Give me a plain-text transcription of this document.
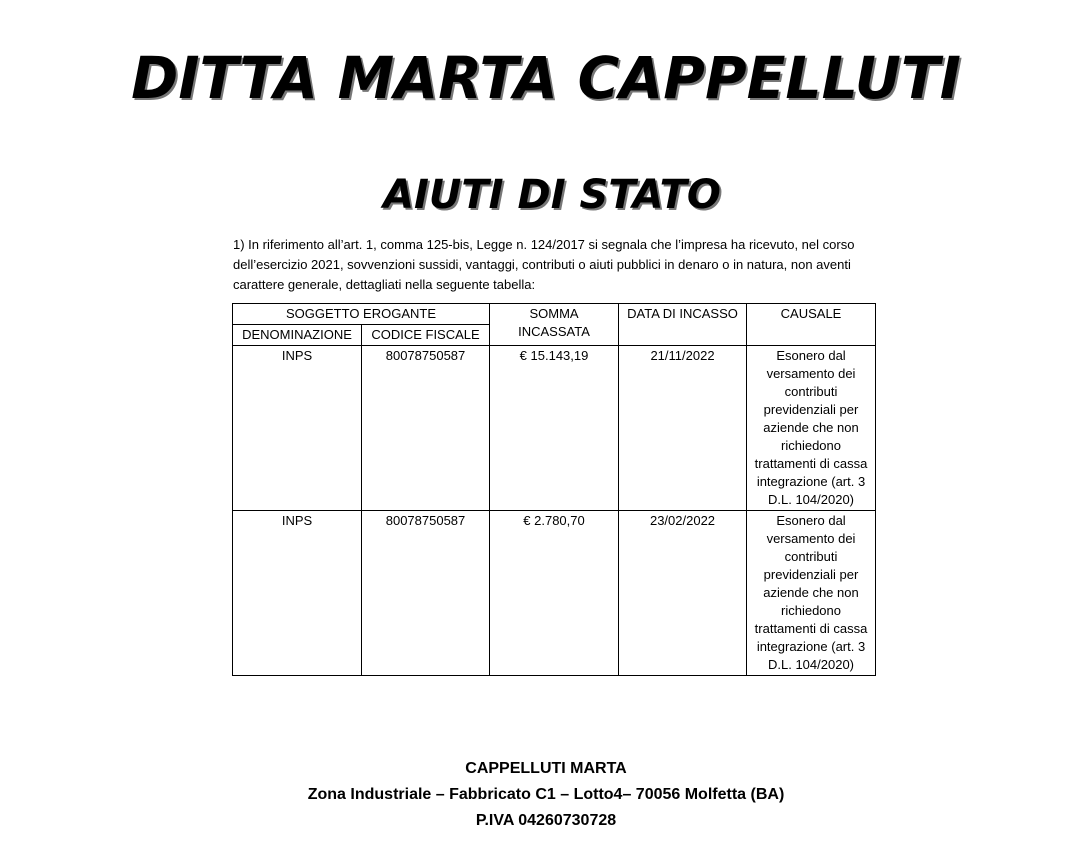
DITTA MARTA CAPPELLUTI
AIUTI DI STATO

1) In riferimento all’art. 1, comma 125-bis, Legge n. 124/2017 si segnala che l’impresa ha ricevuto, nel corso dell’esercizio 2021, sovvenzioni sussidi, vantaggi, contributi o aiuti pubblici in denaro o in natura, non aventi carattere generale, dettagliati nella seguente tabella:

SOGGETTO EROGANTE		SOMMA INCASSATA	DATA DI INCASSO	CAUSALE
DENOMINAZIONE	CODICE FISCALE			
INPS	80078750587	€ 15.143,19	21/11/2022	Esonero dal versamento dei contributi previdenziali per aziende che non richiedono trattamenti di cassa integrazione (art. 3 D.L. 104/2020)
INPS	80078750587	€ 2.780,70	23/02/2022	Esonero dal versamento dei contributi previdenziali per aziende che non richiedono trattamenti di cassa integrazione (art. 3 D.L. 104/2020)
CAPPELLUTI MARTA
Zona Industriale – Fabbricato C1 – Lotto4– 70056 Molfetta (BA)
P.IVA 04260730728
